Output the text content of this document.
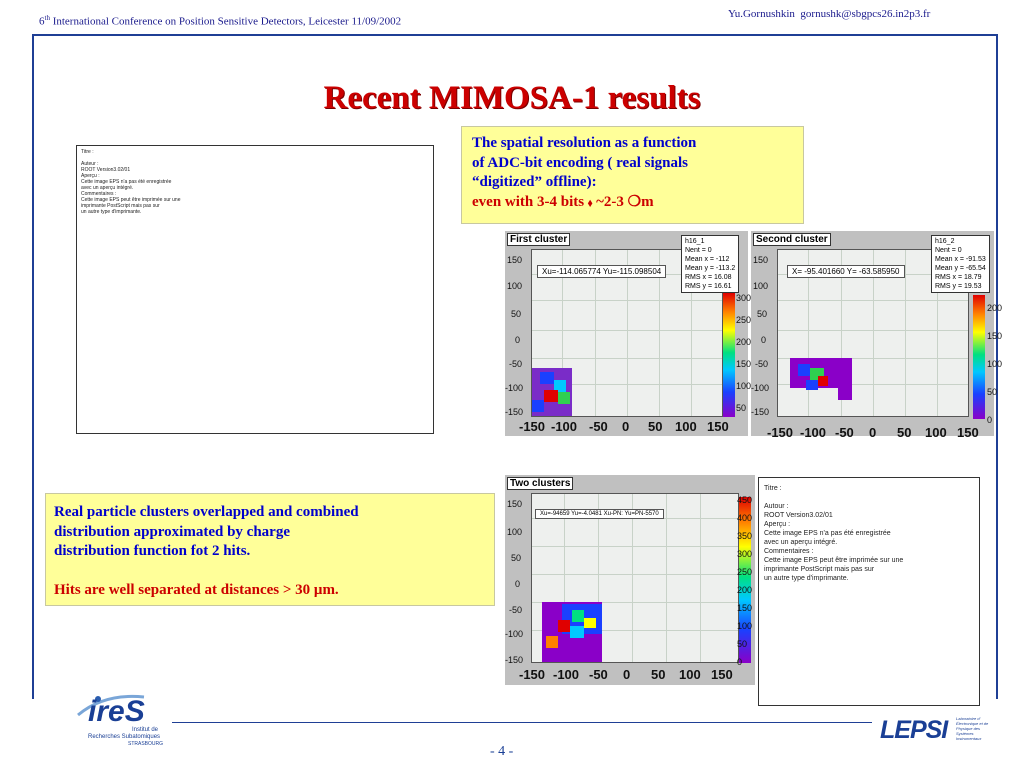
6th International Conference on Position Sensitive Detectors, Leicester 11/09/2002
Yu.Gornushkin gornushk@sbgpcs26.in2p3.fr
Recent MIMOSA-1 results
Titre :
Auteur :
ROOT Version3.02/01
Aperçu :
Cette image EPS n'a pas été enregistrée
avec un aperçu intégré.
Commentaires :
Cette image EPS peut être imprimée sur une
imprimante PostScript mais pas sur
un autre type d'imprimante.
The spatial resolution as a function
of ADC-bit encoding ( real signals
“digitized” offline):
even with 3-4 bits ⬧ ~2-3 ❍m
First cluster
Xu=-114.065774 Yu=-115.098504
h16_1
Nent = 0
Mean x = -112
Mean y = -113.2
RMS x = 16.08
RMS y = 16.61
150
100
50
0
-50
-100
-150
300
250
200
150
100
50
-150 -100 -50 0 50 100 150
Second cluster
X= -95.401660 Y= -63.585950
h16_2
Nent = 0
Mean x = -91.53
Mean y = -65.54
RMS x = 18.79
RMS y = 19.53
150
100
50
0
-50
-100
-150
200
150
100
50
0
-150 -100 -50 0 50 100 150
Real particle clusters overlapped and combined
distribution approximated by charge
distribution function fot 2 hits.
Hits are well separated at distances > 30 μm.
Two clusters
Xu=-94659 Yu=-4.0481 Xu-PN: Yu=PN-5570
150
100
50
0
-50
-100
-150
450
400
350
300
250
200
150
100
50
0
-150 -100 -50 0 50 100 150
Titre :
Autour :
ROOT Version3.02/01
Aperçu :
Cette image EPS n'a pas été enregistrée
avec un aperçu intégré.
Commentaires :
Cette image EPS peut être imprimée sur une
imprimante PostScript mais pas sur
un autre type d'imprimante.
ireS
Institut de
Recherches Subatomiques
STRASBOURG	LEPSI Laboratoire d'
Électronique et de
Physique des
Systèmes
Instrumentaux
- 4 -
